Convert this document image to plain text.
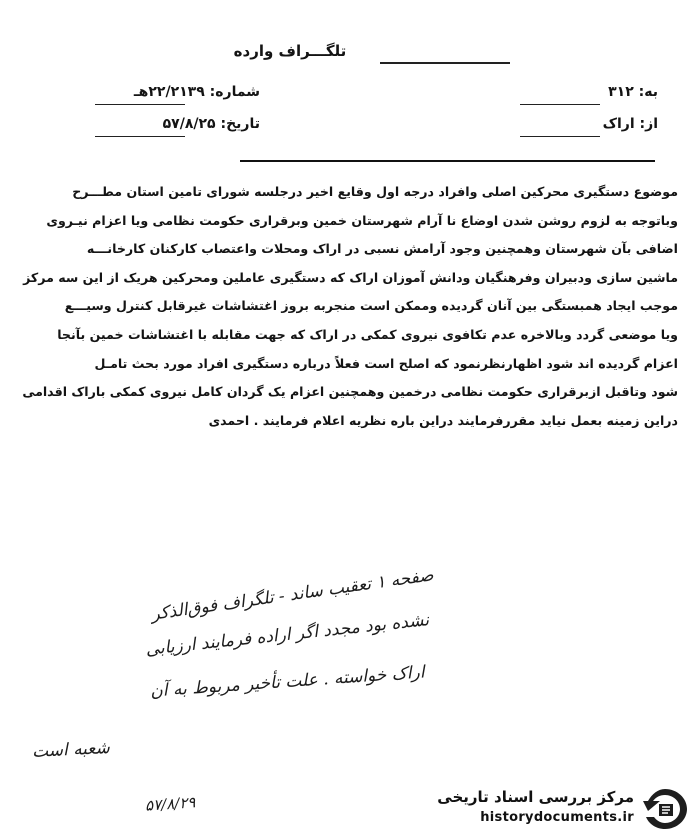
تلگـــراف وارده
به: ۳۱۲
از: اراک
شماره: ۲۲/۲۱۳۹هـ
تاریخ: ۵۷/۸/۲۵
موضوع دستگیری محرکین اصلی وافراد درجه اول وقایع اخیر درجلسه شورای تامین استان مطـــرح
وباتوجه به لزوم روشن شدن اوضاع نا آرام شهرستان خمین وبرقراری حکومت نظامی ویا اعزام نیـروی
اضافی بآن شهرستان وهمچنین وجود آرامش نسبی در اراک ومحلات واعتصاب کارکنان کارخانـــه
ماشین سازی ودبیران وفرهنگیان ودانش آموزان اراک که دستگیری عاملین ومحرکین هریک از این سه مرکز
موجب ایجاد همبستگی بین آنان گردیده وممکن است منجربه بروز اغتشاشات غیرقابل کنترل وسیـــع
ویا موضعی گردد وبالاخره عدم تکافوی نیروی کمکی در اراک که جهت مقابله با اغتشاشات خمین بآنجا
اعزام گردیده اند شود اظهارنظرنمود که اصلح است فعلاً درباره دستگیری افراد مورد بحث تامـل
شود وتاقبل ازبرقراری حکومت نظامی درخمین وهمچنین اعزام یک گردان کامل نیروی کمکی باراک اقدامی
دراین زمینه بعمل نیاید مقررفرمایند دراین باره نظریه اعلام فرمایند . احمدی
صفحه ۱ تعقیب ساند - تلگراف فوق‌الذکر
نشده بود مجدد اگر اراده فرمایند ارزیابی
اراک خواسته . علت تأخیر مربوط به آن
شعبه است
۵۷/۸/۲۹	مرکز بررسی اسناد تاریخی
historydocuments.ir
